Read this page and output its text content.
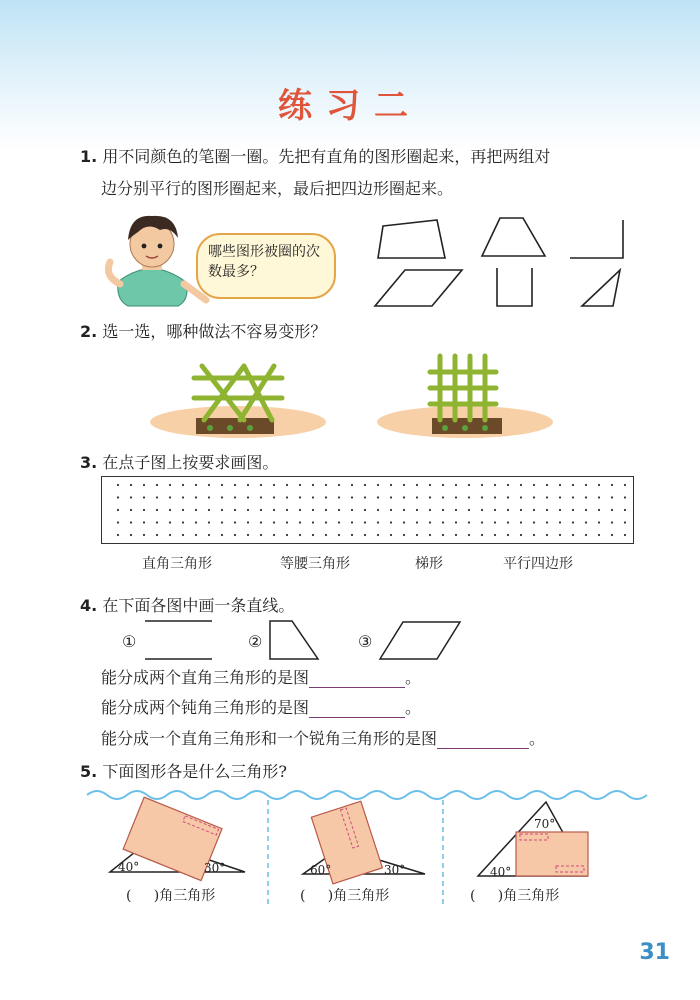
练习二
1. 用不同颜色的笔圈一圈。先把有直角的图形圈起来，再把两组对
边分别平行的图形圈起来，最后把四边形圈起来。
哪些图形被圈的次数最多？
2. 选一选，哪种做法不容易变形？
3. 在点子图上按要求画图。
直角三角形	等腰三角形	梯形	平行四边形
4. 在下面各图中画一条直线。
①	②	③
能分成两个直角三角形的是图	。
能分成两个钝角三角形的是图	。
能分成一个直角三角形和一个锐角三角形的是图	。
5. 下面图形各是什么三角形?
40°	30°	60°	30°
70°
40°
( )角三角形	( )角三角形	( )角三角形
31
